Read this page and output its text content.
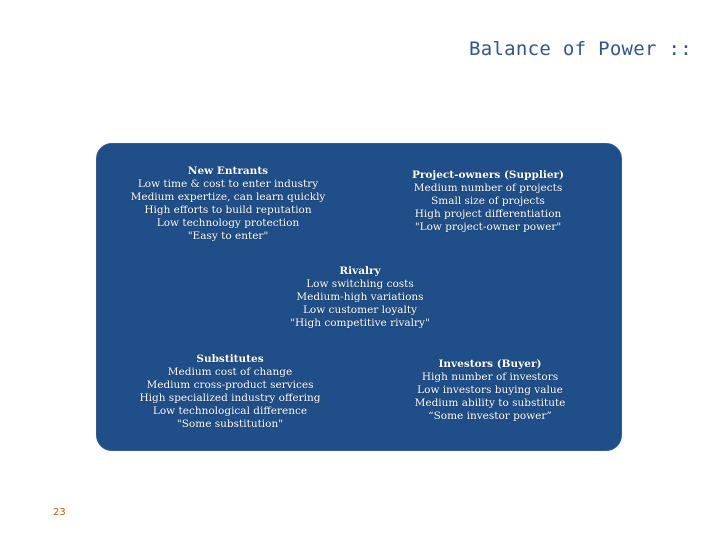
Balance of Power ::
New Entrants
Low time & cost to enter industry
Medium expertize, can learn quickly
High efforts to build reputation
Low technology protection
"Easy to enter"
Project-owners (Supplier)
Medium number of projects
Small size of projects
High project differentiation
"Low project-owner power"
Rivalry
Low switching costs
Medium-high variations
Low customer loyalty
"High competitive rivalry"
Substitutes
Medium cost of change
Medium cross-product services
High specialized industry offering
Low technological difference
"Some substitution"
Investors (Buyer)
High number of investors
Low investors buying value
Medium ability to substitute
“Some investor power”
23
